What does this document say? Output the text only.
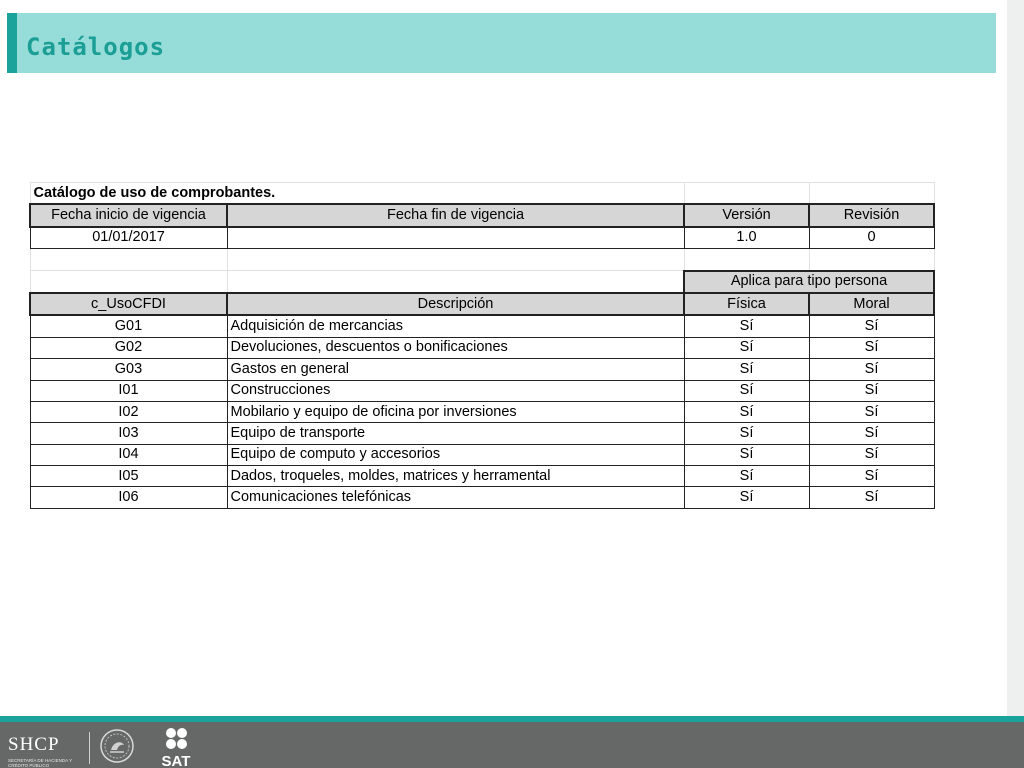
Catálogos
Catálogo de uso de comprobantes.			
Fecha inicio de vigencia	Fecha fin de vigencia	Versión	Revisión
01/01/2017		1.0	0

		Aplica para tipo persona	
c_UsoCFDI	Descripción	Física	Moral
G01	Adquisición de mercancias	Sí	Sí
G02	Devoluciones, descuentos o bonificaciones	Sí	Sí
G03	Gastos en general	Sí	Sí
I01	Construcciones	Sí	Sí
I02	Mobilario y equipo de oficina por inversiones	Sí	Sí
I03	Equipo de transporte	Sí	Sí
I04	Equipo de computo y accesorios	Sí	Sí
I05	Dados, troqueles, moldes, matrices y herramental	Sí	Sí
I06	Comunicaciones telefónicas	Sí	Sí
SHCP
SECRETARÍA DE HACIENDA Y CRÉDITO PÚBLICO	SAT
